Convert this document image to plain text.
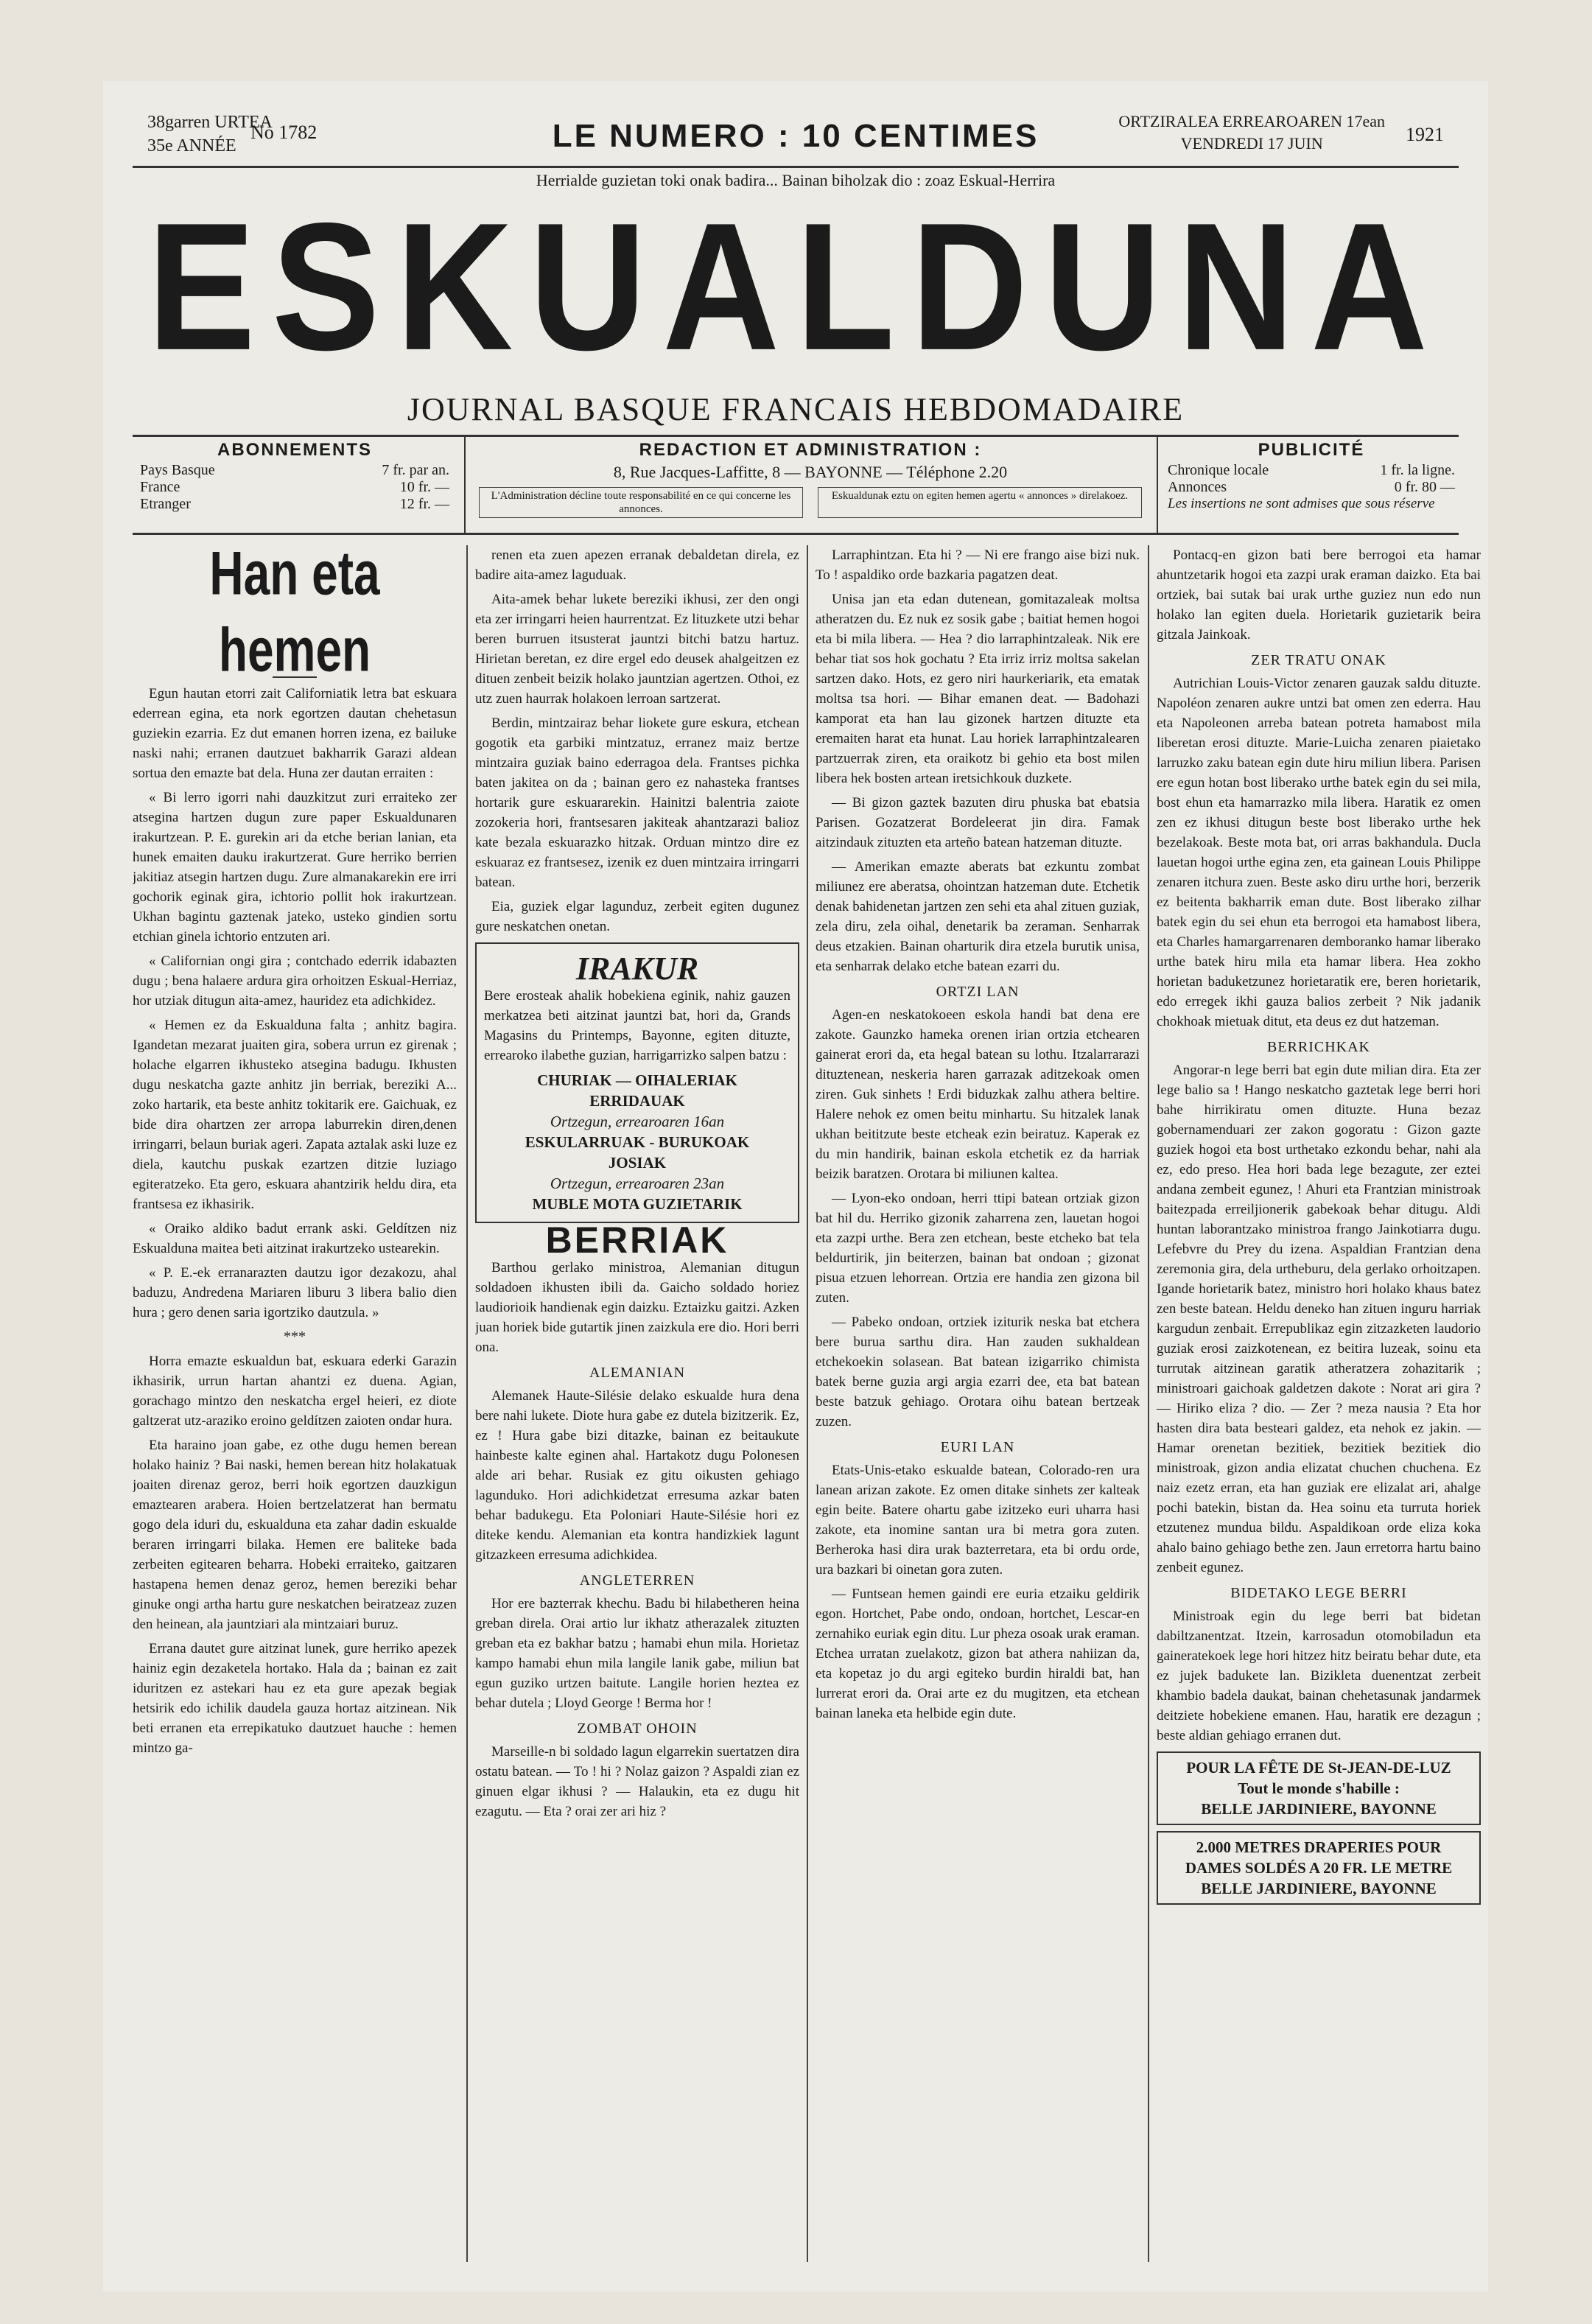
38garren URTEA
35e ANNÉE
No 1782	LE NUMERO : 10 CENTIMES	ORTZIRALEA ERREAROAREN 17ean
VENDREDI 17 JUIN	1921
Herrialde guzietan toki onak badira... Bainan biholzak dio : zoaz Eskual-Herrira
ESKUALDUNA
JOURNAL BASQUE FRANCAIS HEBDOMADAIRE
ABONNEMENTS
Pays Basque	7 fr. par an.
France	10 fr. —
Etranger	12 fr. —
REDACTION ET ADMINISTRATION :
8, Rue Jacques-Laffitte, 8 — BAYONNE — Téléphone 2.20
L'Administration décline toute responsabilité en ce qui concerne les annonces.
Eskualdunak eztu on egiten hemen agertu « annonces » direlakoez.
PUBLICITÉ
Chronique locale	1 fr. la ligne.
Annonces	0 fr. 80 —
Les insertions ne sont admises que sous réserve
Han eta hemen

Egun hautan etorri zait Californiatik letra bat eskuara ederrean egina, eta nork egortzen dautan chehetasun guziekin ezarria. Ez dut emanen horren izena, ez bailuke naski nahi; erranen dautzuet bakharrik Garazi aldean sortua den emazte bat dela. Huna zer dautan erraiten :

« Bi lerro igorri nahi dauzkitzut zuri erraiteko zer atsegina hartzen dugun zure paper Eskualdunaren irakurtzean. P. E. gurekin ari da etche berian lanian, eta hunek emaiten dauku irakurtzerat. Gure herriko berrien jakitiaz atsegin hartzen dugu. Zure almanakarekin ere irri gochorik eginak gira, ichtorio pollit hok irakurtzean. Ukhan bagintu gaztenak jateko, usteko gindien sortu etchian ginela ichtorio entzuten ari.

« Californian ongi gira ; contchado ederrik idabazten dugu ; bena halaere ardura gira orhoitzen Eskual-Herriaz, hor utziak ditugun aita-amez, hauridez eta adichkidez.

« Hemen ez da Eskualduna falta ; anhitz bagira. Igandetan mezarat juaiten gira, sobera urrun ez girenak ; holache elgarren ikhusteko atsegina badugu. Ikhusten dugu neskatcha gazte anhitz jin berriak, bereziki A... zoko hartarik, eta beste anhitz tokitarik ere. Gaichuak, ez bide dira ohartzen zer arropa laburrekin diren,denen irringarri, belaun buriak ageri. Zapata aztalak aski luze ez diela, kautchu puskak ezartzen ditzie luziago egiteratzeko. Eta gero, eskuara ahantzirik heldu dira, eta frantsesa ez ikhasirik.

« Oraiko aldiko badut errank aski. Geldítzen niz Eskualduna maitea beti aitzinat irakurtzeko ustearekin.

« P. E.-ek erranarazten dautzu igor dezakozu, ahal baduzu, Andredena Mariaren liburu 3 libera balio dien hura ; gero denen saria igortziko dautzula. »

***

Horra emazte eskualdun bat, eskuara ederki Garazin ikhasirik, urrun hartan ahantzi ez duena. Agian, gorachago mintzo den neskatcha ergel heieri, ez diote galtzerat utz-araziko eroino geldítzen zaioten ondar hura.

Eta haraino joan gabe, ez othe dugu hemen berean holako hainiz ? Bai naski, hemen berean hitz holakatuak joaiten direnaz geroz, berri hoik egortzen dauzkigun emaztearen arabera. Hoien bertzelatzerat han bermatu gogo dela iduri du, eskualduna eta zahar dadin eskualde beraren irringarri bilaka. Hemen ere baliteke bada zerbeiten egitearen beharra. Hobeki erraiteko, gaitzaren hastapena hemen denaz geroz, hemen bereziki behar ginuke ongi artha hartu gure neskatchen beiratzeaz zuzen den heinean, ala jauntziari ala mintzaiari buruz.

Errana dautet gure aitzinat lunek, gure herriko apezek hainiz egin dezaketela hortako. Hala da ; bainan ez zait iduritzen ez astekari hau ez eta gure apezak begiak hetsirik edo ichilik daudela gauza hortaz aitzinean. Nik beti erranen eta errepikatuko dautzuet hauche : hemen mintzo ga-

renen eta zuen apezen erranak debaldetan direla, ez badire aita-amez laguduak.

Aita-amek behar lukete bereziki ikhusi, zer den ongi eta zer irringarri heien haurrentzat. Ez lituzkete utzi behar beren burruen itsusterat jauntzi bitchi batzu hartuz. Hirietan beretan, ez dire ergel edo deusek ahalgeitzen ez dituen zenbeit beizik holako jauntzian agertzen. Othoi, ez utz zuen haurrak holakoen lerroan sartzerat.

Berdin, mintzairaz behar liokete gure eskura, etchean gogotik eta garbiki mintzatuz, erranez maiz bertze mintzaira guziak baino ederragoa dela. Frantses pichka baten jakitea on da ; bainan gero ez nahasteka frantses hortarik gure eskuararekin. Hainitzi balentria zaiote zozokeria hori, frantsesaren jakiteak ahantzarazi balioz kate bezala eskuarazko hitzak. Orduan mintzo dire ez eskuaraz ez frantsesez, izenik ez duen mintzaira irringarri batean.

Eia, guziek elgar lagunduz, zerbeit egiten dugunez gure neskatchen onetan.

IRAKUR

Bere erosteak ahalik hobekiena eginik, nahiz gauzen merkatzea beti aitzinat jauntzi bat, hori da, Grands Magasins du Printemps, Bayonne, egiten dituzte, errearoko ilabethe guzian, harrigarrizko salpen batzu :

CHURIAK — OIHALERIAK
ERRIDAUAK
Ortzegun, errearoaren 16an
ESKULARRUAK - BURUKOAK
JOSIAK
Ortzegun, errearoaren 23an
MUBLE MOTA GUZIETARIK
BERRIAK

Barthou gerlako ministroa, Alemanian ditugun soldadoen ikhusten ibili da. Gaicho soldado horiez laudiorioik handienak egin daizku. Eztaizku gaitzi. Azken juan horiek bide gutartik jinen zaizkula ere dio. Hori berri ona.

ALEMANIAN

Alemanek Haute-Silésie delako eskualde hura dena bere nahi lukete. Diote hura gabe ez dutela bizitzerik. Ez, ez ! Hura gabe bizi ditazke, bainan ez beitaukute hainbeste kalte eginen ahal. Hartakotz dugu Polonesen alde ari behar. Rusiak ez gitu oikusten gehiago lagunduko. Hori adichkidetzat erresuma azkar baten behar badukegu. Eta Poloniari Haute-Silésie hori ez diteke kendu. Alemanian eta kontra handizkiek lagunt gitzazkeen erresuma adichkidea.

ANGLETERREN

Hor ere bazterrak khechu. Badu bi hilabetheren heina greban direla. Orai artio lur ikhatz atherazalek zituzten greban eta ez bakhar batzu ; hamabi ehun mila. Horietaz kampo hamabi ehun mila langile lanik gabe, miliun bat egun guziko urtzen baitute. Langile horien heztea ez behar dutela ; Lloyd George ! Berma hor !

ZOMBAT OHOIN

Marseille-n bi soldado lagun elgarrekin suertatzen dira ostatu batean. — To ! hi ? Nolaz gaizon ? Aspaldi zian ez ginuen elgar ikhusi ? — Halaukin, eta ez dugu hit ezagutu. — Eta ? orai zer ari hiz ?

Larraphintzan. Eta hi ? — Ni ere frango aise bizi nuk. To ! aspaldiko orde bazkaria pagatzen deat.

Unisa jan eta edan dutenean, gomitazaleak moltsa atheratzen du. Ez nuk ez sosik gabe ; baitiat hemen hogoi eta bi mila libera. — Hea ? dio larraphintzaleak. Nik ere behar tiat sos hok gochatu ? Eta irriz irriz moltsa sakelan sartzen dako. Hots, ez gero niri haurkeriarik, eta ematak moltsa tsa hori. — Bihar emanen deat. — Badohazi kamporat eta han lau gizonek hartzen dituzte eta eremaiten harat eta hunat. Lau horiek larraphintzalearen partzuerrak ziren, eta oraikotz bi gehio eta bost milen libera hek bosten artean iretsichkouk duzkete.

— Bi gizon gaztek bazuten diru phuska bat ebatsia Parisen. Gozatzerat Bordeleerat jin dira. Famak aitzindauk zituzten eta arteño batean hatzeman dituzte.

— Amerikan emazte aberats bat ezkuntu zombat miliunez ere aberatsa, ohointzan hatzeman dute. Etchetik denak bahidenetan jartzen zen sehi eta ahal zituen guziak, zela diru, zela oihal, denetarik ba zeraman. Senharrak deus etzakien. Bainan oharturik dira etzela burutik unisa, eta senharrak delako etche batean ezarri du.

ORTZI LAN

Agen-en neskatokoeen eskola handi bat dena ere zakote. Gaunzko hameka orenen irian ortzia etchearen gainerat erori da, eta hegal batean su lothu. Itzalarrarazi dituztenean, neskeria haren garrazak aditzekoak omen ziren. Guk sinhets ! Erdi biduzkak zalhu athera beltire. Halere nehok ez omen beitu minhartu. Su hitzalek lanak ukhan beititzute beste etcheak ezin beiratuz. Kaperak ez du min handirik, bainan eskola etchetik ez da harriak beizik baratzen. Orotara bi miliunen kaltea.

— Lyon-eko ondoan, herri ttipi batean ortziak gizon bat hil du. Herriko gizonik zaharrena zen, lauetan hogoi eta zazpi urthe. Bera zen etchean, beste etcheko bat tela beldurtirik, jin beiterzen, bainan bat ondoan ; gizonat pisua etzuen lehorrean. Ortzia ere handia zen gizona bil zuten.

— Pabeko ondoan, ortziek iziturik neska bat etchera bere burua sarthu dira. Han zauden sukhaldean etchekoekin solasean. Bat batean izigarriko chimista batek berne guzia argi argia ezarri dee, eta bat batean beste batzuk gehiago. Orotara oihu batean bertzeak zuzen.

EURI LAN

Etats-Unis-etako eskualde batean, Colorado-ren ura lanean arizan zakote. Ez omen ditake sinhets zer kalteak egin beite. Batere ohartu gabe izitzeko euri uharra hasi zakote, eta inomine santan ura bi metra gora zuten. Berheroka hasi dira urak bazterretara, eta bi ordu orde, ura bazkari bi oinetan gora zuten.

— Funtsean hemen gaindi ere euria etzaiku geldirik egon. Hortchet, Pabe ondo, ondoan, hortchet, Lescar-en zernahiko euriak egin ditu. Lur pheza osoak urak eraman. Etchea urratan zuelakotz, gizon bat athera nahiizan da, eta kopetaz jo du argi egiteko burdin hiraldi bat, han lurrerat erori da. Orai arte ez du mugitzen, eta etchean bainan laneka eta helbide egin dute.

Pontacq-en gizon bati bere berrogoi eta hamar ahuntzetarik hogoi eta zazpi urak eraman daizko. Eta bai ortziek, bai sutak bai urak urthe guziez nun edo nun holako lan egiten duela. Horietarik guzietarik beira gitzala Jainkoak.

ZER TRATU ONAK

Autrichian Louis-Victor zenaren gauzak saldu dituzte. Napoléon zenaren aukre untzi bat omen zen ederra. Hau eta Napoleonen arreba batean potreta hamabost mila liberetan erosi dituzte. Marie-Luicha zenaren piaietako larruzko zaku batean egin dute hiru miliun libera. Parisen ere egun hotan bost liberako urthe batek egin du sei mila, bost ehun eta hamarrazko mila libera. Haratik ez omen zen ez ikhusi ditugun beste bost liberako urthe hek bezelakoak. Beste mota bat, ori arras bakhandula. Ducla lauetan hogoi urthe egina zen, eta gainean Louis Philippe zenaren itchura zuen. Beste asko diru urthe hori, berzerik ez beitenta bakharrik eman dute. Bost liberako zilhar batek egin du sei ehun eta berrogoi eta hamabost libera, eta Charles hamargarrenaren demboranko hamar liberako urthe batek hiru mila eta hamar libera. Hea zokho horietan baduketzunez horietaratik ere, beren horietarik, edo erregek ikhi gauza balios zerbeit ? Nik jadanik chokhoak mietuak ditut, eta deus ez dut hatzeman.

BERRICHKAK

Angorar-n lege berri bat egin dute milian dira. Eta zer lege balio sa ! Hango neskatcho gaztetak lege berri hori bahe hirrikiratu omen dituzte. Huna bezaz gobernamenduari zer zakon gogoratu : Gizon gazte guziek hogoi eta bost urthetako ezkondu behar, nahi ala ez, edo preso. Hea hori bada lege bezagute, zer eztei andana zembeit egunez, ! Ahuri eta Frantzian ministroak baitezpada erreiljionerik gabekoak behar ditugu. Aldi huntan laborantzako ministroa frango Jainkotiarra dugu. Lefebvre du Prey du izena. Aspaldian Frantzian dena zeremonia gira, dela urtheburu, dela gerlako orhoitzapen. Igande horietarik batez, ministro hori holako khaus batez zen beste batean. Heldu deneko han zituen inguru harriak kargudun zenbait. Errepublikaz egin zitzazketen laudorio guziak erosi zaizkotenean, ez beitira luzeak, soinu eta turrutak aitzinean garatik atheratzera zohazitarik ; ministroari gaichoak galdetzen dakote : Norat ari gira ? — Hiriko eliza ? dio. — Zer ? meza nausia ? Eta hor hasten dira bata besteari galdez, eta nehok ez jakin. — Hamar orenetan bezitiek, bezitiek bezitiek dio ministroak, gizon andia elizatat chuchen chuchena. Ez naiz ezetz erran, eta han guziak ere elizalat ari, ahalge pochi batekin, bistan da. Hea soinu eta turruta horiek etzutenez mundua bildu. Aspaldikoan orde eliza koka ahalo baino gehiago bethe zen. Jaun erretorra hartu baino zenbeit egunez.

BIDETAKO LEGE BERRI

Ministroak egin du lege berri bat bidetan dabiltzanentzat. Itzein, karrosadun otomobiladun eta gaineratekoek lege hori hitzez hitz beiratu behar dute, eta ez jujek badukete lan. Bizikleta duenentzat zerbeit khambio badela daukat, bainan chehetasunak jandarmek deitziete hobekiene emanen. Hau, haratik ere dezagun ; beste aldian gehiago erranen dut.

POUR LA FÊTE DE St-JEAN-DE-LUZ
Tout le monde s'habille :
BELLE JARDINIERE, BAYONNE
2.000 METRES DRAPERIES POUR
DAMES SOLDÉS A 20 FR. LE METRE
BELLE JARDINIERE, BAYONNE
